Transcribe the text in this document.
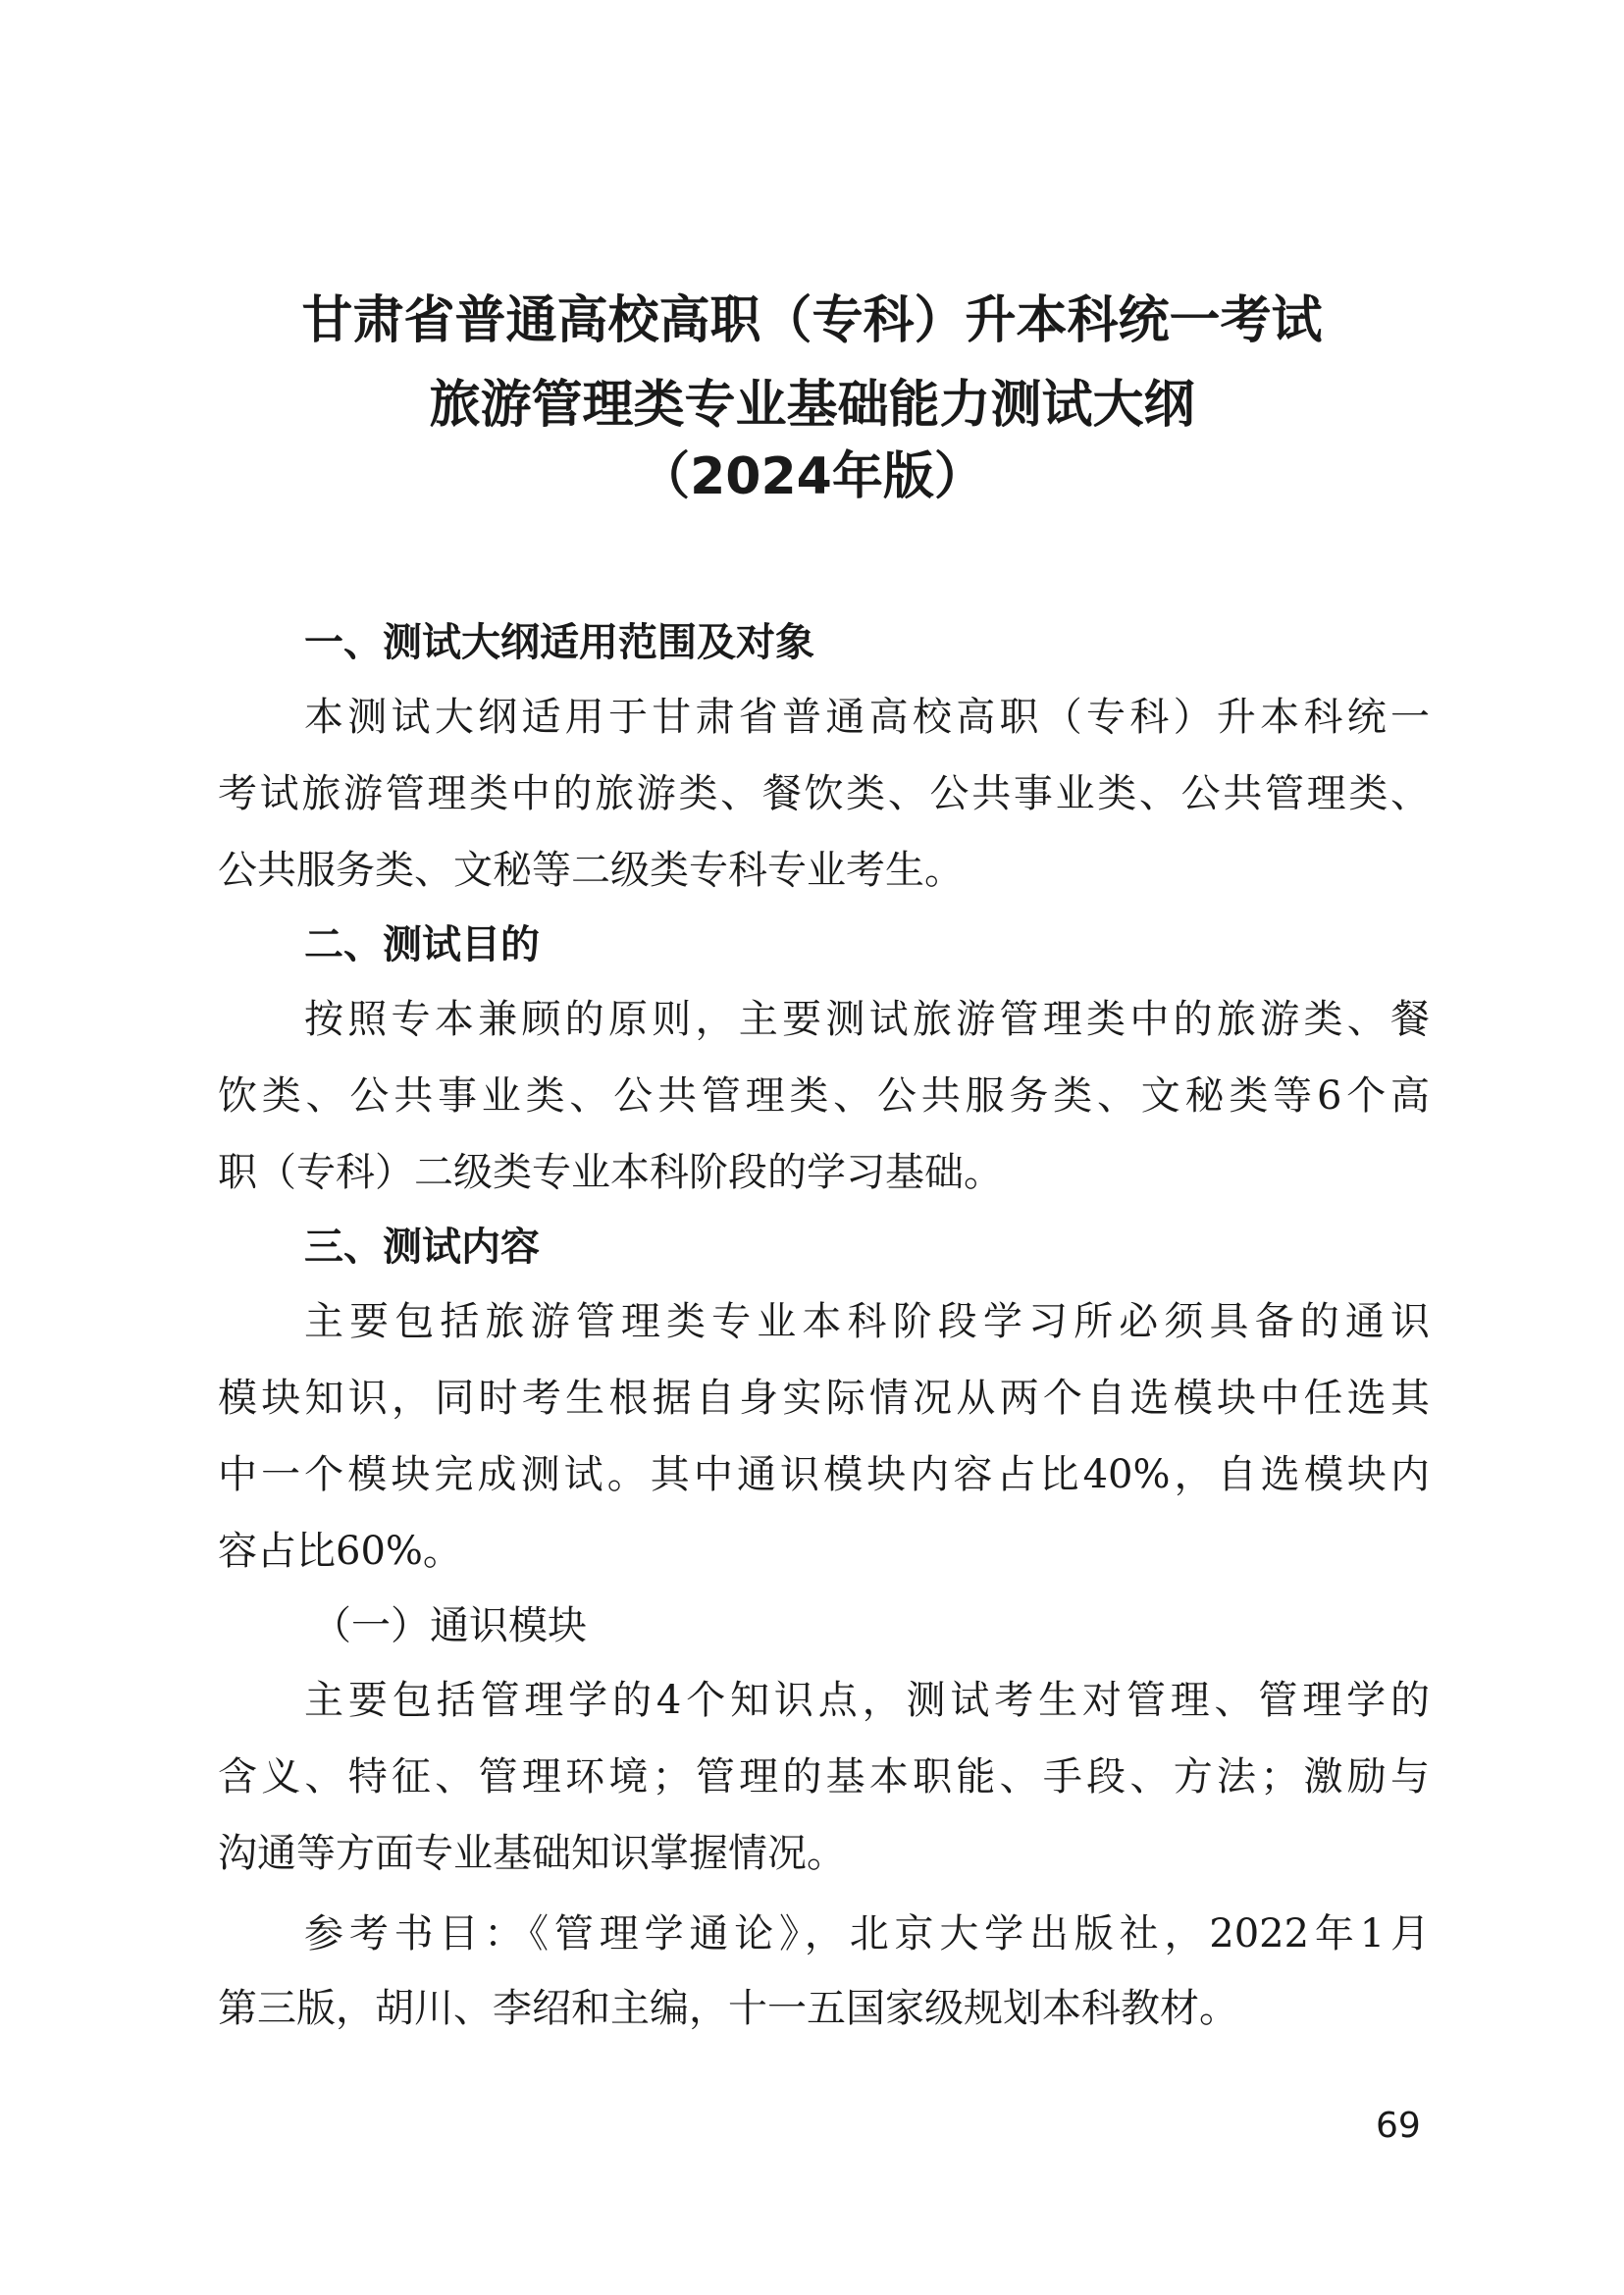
甘肃省普通高校高职（专科）升本科统一考试
旅游管理类专业基础能力测试大纲
（2024年版）
一、测试大纲适用范围及对象
本测试大纲适用于甘肃省普通高校高职（专科）升本科统一
考试旅游管理类中的旅游类、餐饮类、公共事业类、公共管理类、
公共服务类、文秘等二级类专科专业考生。
二、测试目的
按照专本兼顾的原则，主要测试旅游管理类中的旅游类、餐
饮类、公共事业类、公共管理类、公共服务类、文秘类等6个高
职（专科）二级类专业本科阶段的学习基础。
三、测试内容
主要包括旅游管理类专业本科阶段学习所必须具备的通识
模块知识，同时考生根据自身实际情况从两个自选模块中任选其
中一个模块完成测试。其中通识模块内容占比40%，自选模块内
容占比60%。
（一）通识模块
主要包括管理学的4个知识点，测试考生对管理、管理学的
含义、特征、管理环境；管理的基本职能、手段、方法；激励与
沟通等方面专业基础知识掌握情况。
参考书目：《管理学通论》，北京大学出版社，2022年1月
第三版，胡川、李绍和主编，十一五国家级规划本科教材。
69
